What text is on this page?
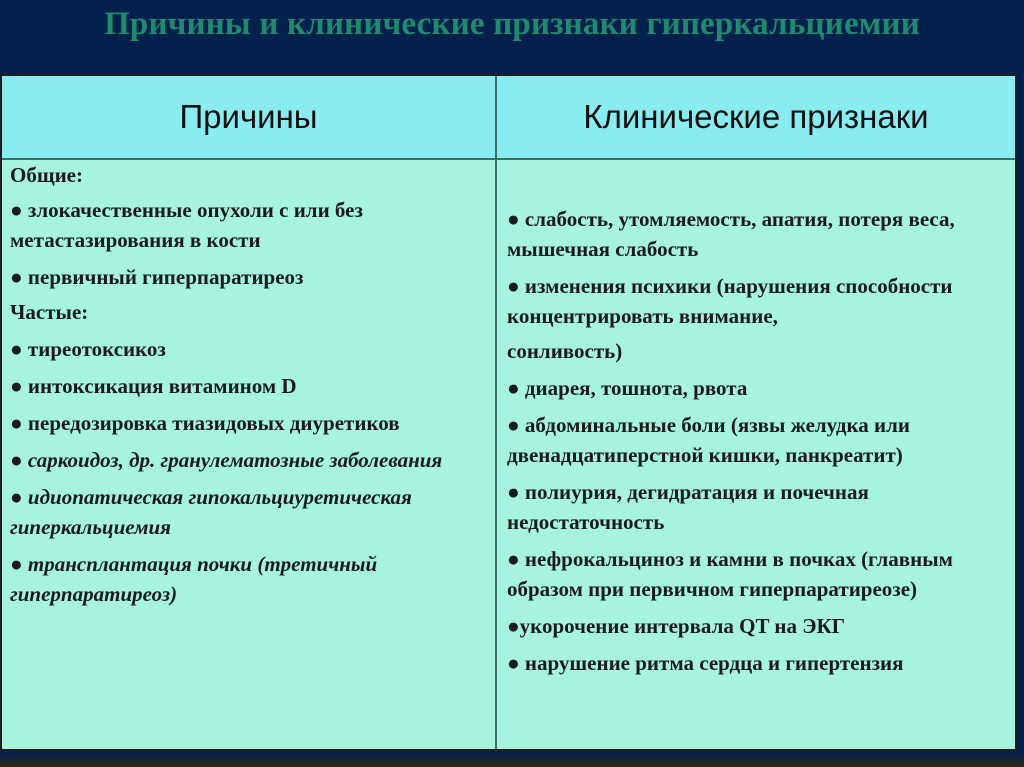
Причины и клинические признаки гиперкальциемии
Причины	Клинические признаки

Общие:

● злокачественные опухоли с или без метастазирования в кости

● первичный гиперпаратиреоз

Частые:

● тиреотоксикоз

● интоксикация витамином D

● передозировка тиазидовых диуретиков

● саркоидоз, др. гранулематозные заболевания

● идиопатическая гипокальциуретическая гиперкальциемия

● трансплантация почки (третичный гиперпаратиреоз)

● слабость, утомляемость, апатия, потеря веса, мышечная слабость

● изменения психики (нарушения способности концентрировать внимание,

сонливость)

● диарея, тошнота, рвота

● абдоминальные боли (язвы желудка или двенадцатиперстной кишки, панкреатит)

● полиурия, дегидратация и почечная недостаточность

● нефрокальциноз и камни в почках (главным образом при первичном гиперпаратиреозе)

●укорочение интервала QT на ЭКГ

● нарушение ритма сердца и гипертензия
